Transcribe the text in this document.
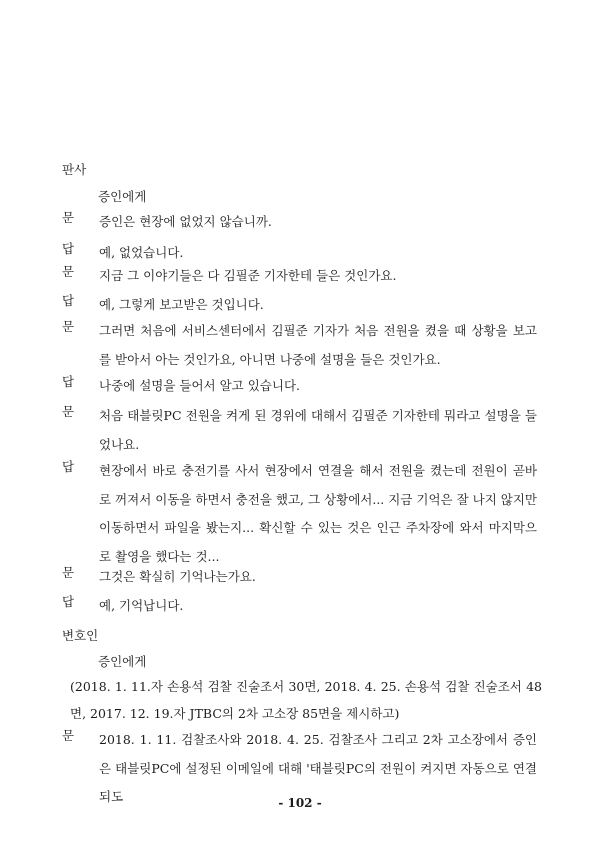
판사
증인에게
문 증인은 현장에 없었지 않습니까.
답 예, 없었습니다.
문 지금 그 이야기들은 다 김필준 기자한테 들은 것인가요.
답 예, 그렇게 보고받은 것입니다.
문 그러면 처음에 서비스센터에서 김필준 기자가 처음 전원을 켰을 때 상황을 보고를 받아서 아는 것인가요, 아니면 나중에 설명을 들은 것인가요.
답 나중에 설명을 들어서 알고 있습니다.
문 처음 태블릿PC 전원을 켜게 된 경위에 대해서 김필준 기자한테 뭐라고 설명을 들었나요.
답 현장에서 바로 충전기를 사서 현장에서 연결을 해서 전원을 켰는데 전원이 곧바로 꺼져서 이동을 하면서 충전을 했고, 그 상황에서... 지금 기억은 잘 나지 않지만 이동하면서 파일을 봤는지... 확신할 수 있는 것은 인근 주차장에 와서 마지막으로 촬영을 했다는 것...
문 그것은 확실히 기억나는가요.
답 예, 기억납니다.
변호인
증인에게
(2018. 1. 11.자 손용석 검찰 진술조서 30면, 2018. 4. 25. 손용석 검찰 진술조서 48면, 2017. 12. 19.자 JTBC의 2차 고소장 85면을 제시하고)
문 2018. 1. 11. 검찰조사와 2018. 4. 25. 검찰조사 그리고 2차 고소장에서 증인은 태블릿PC에 설정된 이메일에 대해 '태블릿PC의 전원이 켜지면 자동으로 연결되도	- 102 -
